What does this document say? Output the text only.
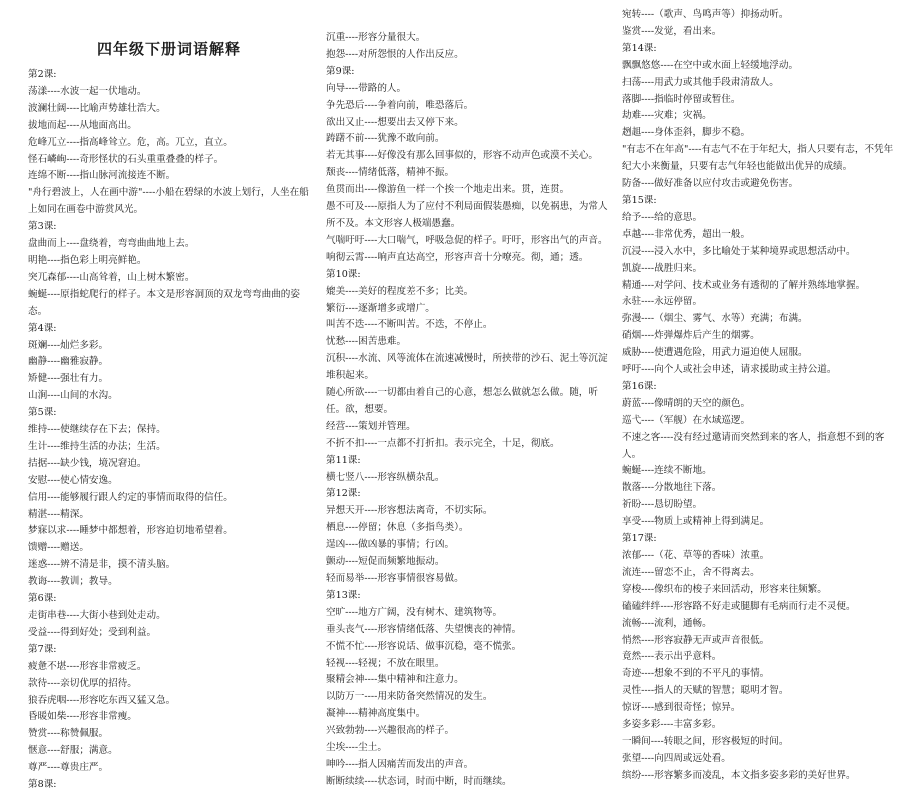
四年级下册词语解释
第2课:
荡漾----水波一起一伏地动。
波澜壮阔----比喻声势雄壮浩大。
拔地而起----从地面高出。
危峰兀立----指高峰耸立。危，高。兀立，直立。
怪石嶙峋----奇形怪状的石头重重叠叠的样子。
连绵不断----指山脉河流接连不断。
"舟行碧波上，人在画中游"----小船在碧绿的水波上划行，人坐在船上如同在画卷中游赏风光。
第3课:
盘曲而上----盘绕着，弯弯曲曲地上去。
明艳----指色彩上明亮鲜艳。
突兀森郁----山高耸着，山上树木繁密。
蜿蜒----原指蛇爬行的样子。本文是形容洞顶的双龙弯弯曲曲的姿态。
第4课:
斑斓----灿烂多彩。
幽静----幽雅寂静。
矫健----强壮有力。
山涧----山间的水沟。
第5课:
维持----使继续存在下去；保持。
生计----维持生活的办法；生活。
拮据----缺少钱，境况窘迫。
安慰----使心情安逸。
信用----能够履行跟人约定的事情而取得的信任。
精湛----精深。
梦寐以求----睡梦中都想着，形容迫切地希望着。
馈赠----赠送。
迷惑----辨不清是非，摸不清头脑。
教诲----教训；教导。
第6课:
走街串巷----大街小巷到处走动。
受益----得到好处；受到利益。
第7课:
疲惫不堪----形容非常疲乏。
款待----亲切优厚的招待。
狼吞虎咽----形容吃东西又猛又急。
昏暖如柴----形容非常瘦。
赞赏----称赞佩服。
惬意----舒服；满意。
尊严----尊贵庄严。
第8课:
沉重----形容分量很大。
抱怨----对所怨恨的人作出反应。
第9课:
向导----带路的人。
争先恐后----争着向前，唯恐落后。
欲出又止----想要出去又停下来。
踌躇不前----犹豫不敢向前。
若无其事----好像没有那么回事似的，形容不动声色或漠不关心。
颓丧----情绪低落，精神不振。
鱼贯而出----像游鱼一样一个挨一个地走出来。贯，连贯。
愚不可及----原指人为了应付不利局面假装愚痴，以免祸患，为常人所不及。本文形容人极端愚蠢。
气喘吁吁----大口喘气，呼吸急促的样子。吁吁，形容出气的声音。
响彻云霄----响声直达高空，形容声音十分嘹亮。彻，通；透。
第10课:
媲美----美好的程度差不多；比美。
繁衍----逐渐增多或增广。
叫苦不迭----不断叫苦。不迭，不停止。
忧愁----困苦患难。
沉积----水流、风等流体在流速减慢时，所挟带的沙石、泥土等沉淀堆积起来。
随心所欲----一切都由着自己的心意，想怎么做就怎么做。随，听任。欲，想要。
经营----策划并管理。
不折不扣----一点都不打折扣。表示完全，十足，彻底。
第11课:
横七竖八----形容纵横杂乱。
第12课:
异想天开----形容想法离奇，不切实际。
栖息----停留；休息（多指鸟类）。
逞凶----做凶暴的事情；行凶。
颤动----短促而频繁地振动。
轻而易举----形容事情很容易做。
第13课:
空旷----地方广阔，没有树木、建筑物等。
垂头丧气----形容情绪低落、失望懊丧的神情。
不慌不忙----形容说话、做事沉稳，毫不慌张。
轻视----轻视；不放在眼里。
聚精会神----集中精神和注意力。
以防万一----用来防备突然情况的发生。
凝神----精神高度集中。
兴致勃勃----兴趣很高的样子。
尘埃----尘土。
呻吟----指人因痛苦而发出的声音。
断断续续----状态词，时而中断，时而继续。
宛转----（歌声、鸟鸣声等）抑扬动听。
鉴赏----发觉，看出来。
第14课:
飘飘悠悠----在空中或水面上轻缓地浮动。
扫荡----用武力或其他手段肃清敌人。
落脚----指临时停留或暂住。
劫难----灾难；灾祸。
趔趄----身体歪斜，脚步不稳。
"有志不在年高"----有志气不在于年纪大，指人只要有志，不凭年纪大小来衡量，只要有志气年轻也能做出优异的成绩。
防备----做好准备以应付攻击或避免伤害。
第15课:
给予----给的意思。
卓越----非常优秀，超出一般。
沉浸----浸入水中，多比喻处于某种境界或思想活动中。
凯旋----战胜归来。
精通----对学问、技术或业务有透彻的了解并熟练地掌握。
永驻----永远停留。
弥漫----（烟尘、雾气、水等）充满；布满。
硝烟----炸弹爆炸后产生的烟雾。
威胁----使遭遇危险，用武力逼迫使人屈服。
呼吁----向个人或社会申述，请求援助或主持公道。
第16课:
蔚蓝----像晴朗的天空的颜色。
巡弋----（军舰）在水域巡逻。
不速之客----没有经过邀请而突然到来的客人，指意想不到的客人。
蜿蜒----连续不断地。
散落----分散地往下落。
祈盼----恳切盼望。
享受----物质上或精神上得到满足。
第17课:
浓郁----（花、草等的香味）浓重。
流连----留恋不止，舍不得离去。
穿梭----像织布的梭子来回活动，形容来往频繁。
磕磕绊绊----形容路不好走或腿脚有毛病而行走不灵便。
流畅----流利，通畅。
悄然----形容寂静无声或声音很低。
竟然----表示出乎意料。
奇迹----想象不到的不平凡的事情。
灵性----指人的天赋的智慧；聪明才智。
惊讶----感到很奇怪；惊异。
多姿多彩----丰富多彩。
一瞬间----转眼之间，形容极短的时间。
张望----向四周或远处看。
缤纷----形容繁多而凌乱，本文指多姿多彩的美好世界。
